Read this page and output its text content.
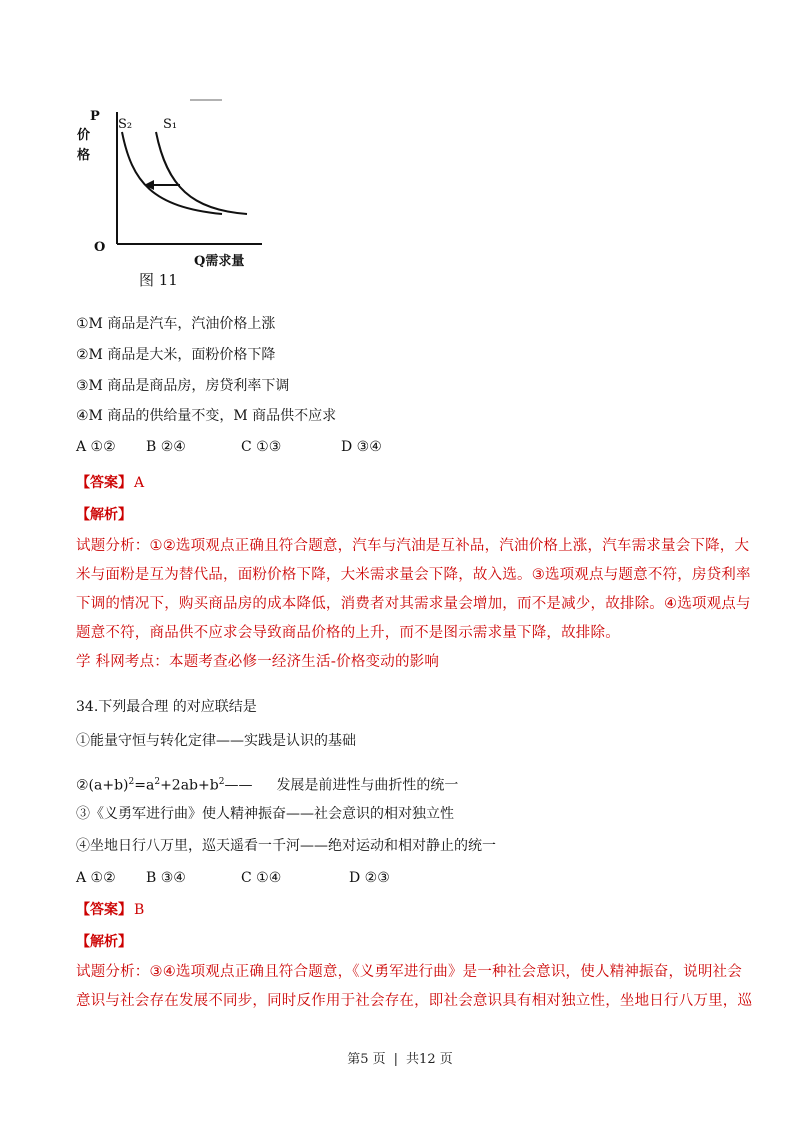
P
价
格
S₂ S₁
O
Q需求量
图 11
①M 商品是汽车，汽油价格上涨
②M 商品是大米，面粉价格下降
③M 商品是商品房，房贷利率下调
④M 商品的供给量不变，M 商品供不应求
A ①② B ②④	C ①③	D ③④
【答案】 A
【解析】
试题分析：①②选项观点正确且符合题意，汽车与汽油是互补品，汽油价格上涨，汽车需求量会下降，大
米与面粉是互为替代品，面粉价格下降，大米需求量会下降，故入选。③选项观点与题意不符，房贷利率
下调的情况下，购买商品房的成本降低，消费者对其需求量会增加，而不是减少，故排除。④选项观点与
题意不符，商品供不应求会导致商品价格的上升，而不是图示需求量下降，故排除。
学 科网考点：本题考查必修一经济生活-价格变动的影响
34.下列最合理 的对应联结是
①能量守恒与转化定律——实践是认识的基础
$②(a+b)^2=a^2+2ab+b^2——$ 发展是前进性与曲折性的统一
③《义勇军进行曲》使人精神振奋——社会意识的相对独立性
④坐地日行八万里，巡天遥看一千河——绝对运动和相对静止的统一
A ①② B ③④	C ①④	D ②③
【答案】 B
【解析】
试题分析：③④选项观点正确且符合题意，《义勇军进行曲》是一种社会意识，使人精神振奋，说明社会
意识与社会存在发展不同步，同时反作用于社会存在，即社会意识具有相对独立性，坐地日行八万里，巡
第5 页 | 共12 页
